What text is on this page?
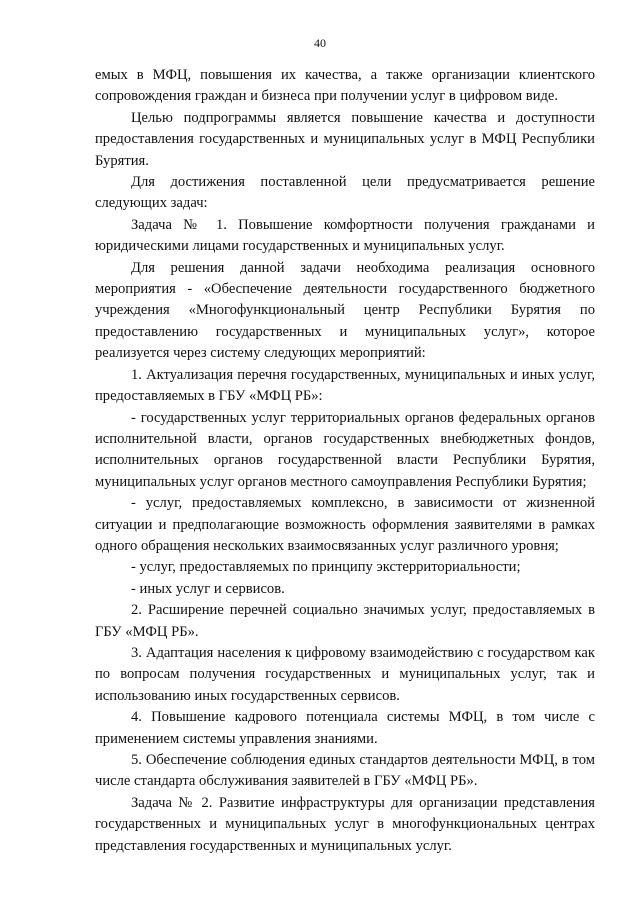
40

емых в МФЦ, повышения их качества, а также организации клиентского сопровождения граждан и бизнеса при получении услуг в цифровом виде.

Целью подпрограммы является повышение качества и доступности предоставления государственных и муниципальных услуг в МФЦ Республики Бурятия.

Для достижения поставленной цели предусматривается решение следующих задач:

Задача № 1. Повышение комфортности получения гражданами и юридическими лицами государственных и муниципальных услуг.

Для решения данной задачи необходима реализация основного мероприятия - «Обеспечение деятельности государственного бюджетного учреждения «Многофункциональный центр Республики Бурятия по предоставлению государственных и муниципальных услуг», которое реализуется через систему следующих мероприятий:

1. Актуализация перечня государственных, муниципальных и иных услуг, предоставляемых в ГБУ «МФЦ РБ»:

- государственных услуг территориальных органов федеральных органов исполнительной власти, органов государственных внебюджетных фондов, исполнительных органов государственной власти Республики Бурятия, муниципальных услуг органов местного самоуправления Республики Бурятия;

- услуг, предоставляемых комплексно, в зависимости от жизненной ситуации и предполагающие возможность оформления заявителями в рамках одного обращения нескольких взаимосвязанных услуг различного уровня;

- услуг, предоставляемых по принципу экстерриториальности;

- иных услуг и сервисов.

2. Расширение перечней социально значимых услуг, предоставляемых в ГБУ «МФЦ РБ».

3. Адаптация населения к цифровому взаимодействию с государством как по вопросам получения государственных и муниципальных услуг, так и использованию иных государственных сервисов.

4. Повышение кадрового потенциала системы МФЦ, в том числе с применением системы управления знаниями.

5. Обеспечение соблюдения единых стандартов деятельности МФЦ, в том числе стандарта обслуживания заявителей в ГБУ «МФЦ РБ».

Задача № 2. Развитие инфраструктуры для организации представления государственных и муниципальных услуг в многофункциональных центрах представления государственных и муниципальных услуг.
